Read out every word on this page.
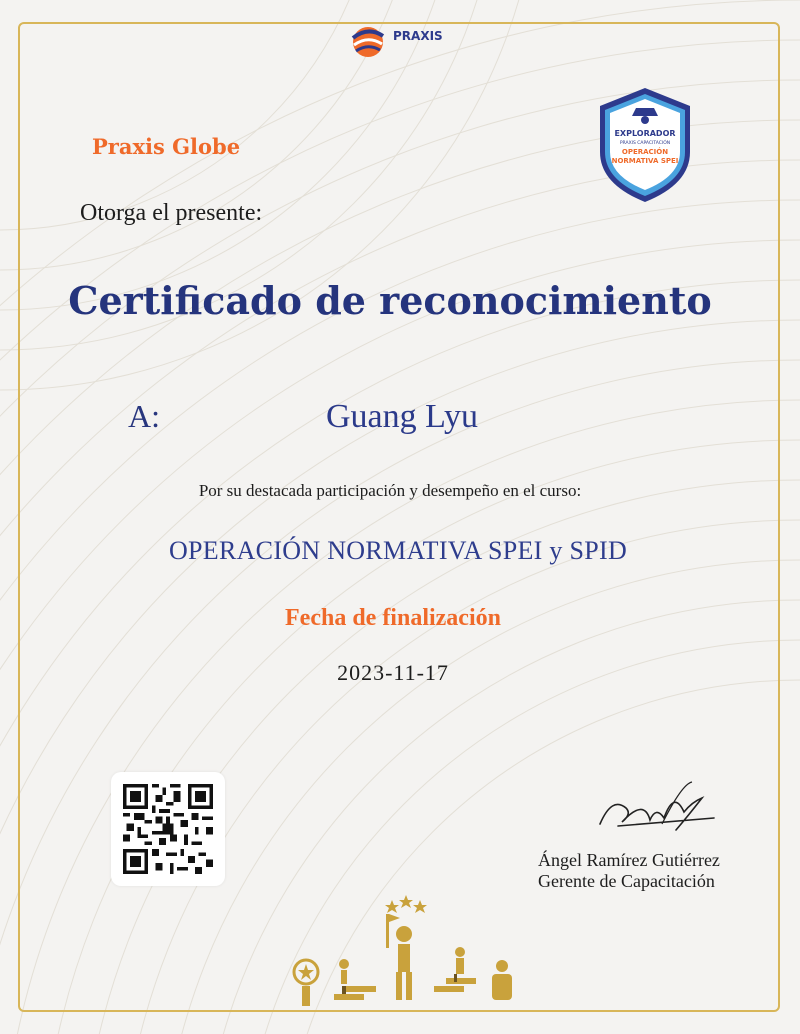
PRAXIS
Praxis Globe
Otorga el presente:
Certificado de reconocimiento
A:	Guang Lyu
Por su destacada participación y desempeño en el curso:
OPERACIÓN NORMATIVA SPEI y SPID
Fecha de finalización
2023-11-17
EXPLORADOR
PRAXIS CAPACITACIÓN
OPERACIÓN
NORMATIVA SPEI
Ángel Ramírez Gutiérrez
Gerente de Capacitación
